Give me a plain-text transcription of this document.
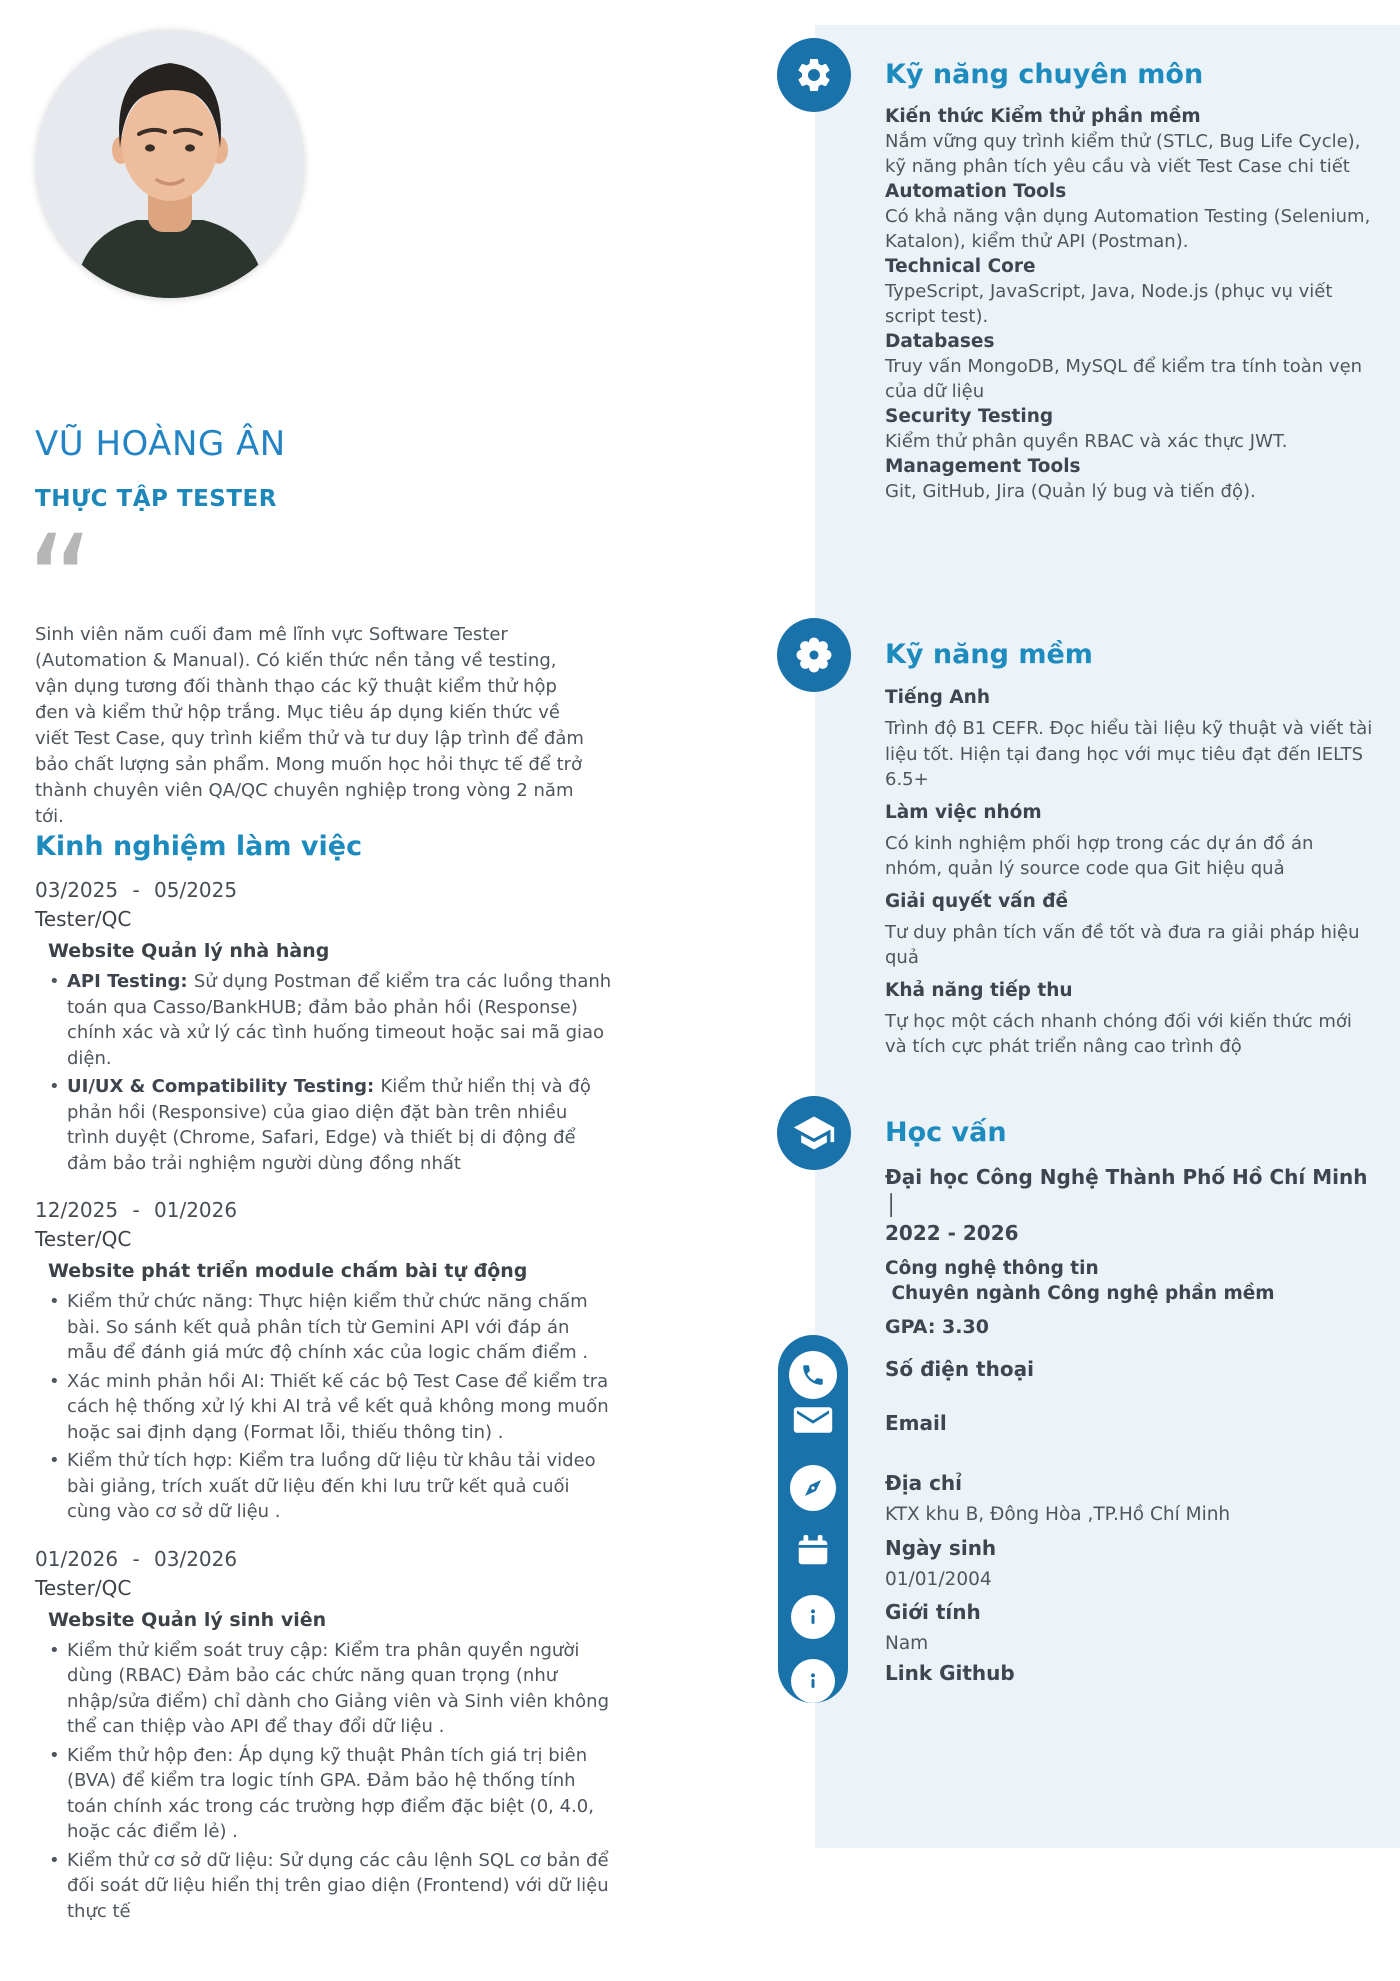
VŨ HOÀNG ÂN
THỰC TẬP TESTER
“
Sinh viên năm cuối đam mê lĩnh vực Software Tester (Automation & Manual). Có kiến thức nền tảng về testing, vận dụng tương đối thành thạo các kỹ thuật kiểm thử hộp đen và kiểm thử hộp trắng. Mục tiêu áp dụng kiến thức về viết Test Case, quy trình kiểm thử và tư duy lập trình để đảm bảo chất lượng sản phẩm. Mong muốn học hỏi thực tế để trở thành chuyên viên QA/QC chuyên nghiệp trong vòng 2 năm tới.
Kinh nghiệm làm việc
03/2025 - 05/2025
Tester/QC
Website Quản lý nhà hàng
• API Testing: Sử dụng Postman để kiểm tra các luồng thanh toán qua Casso/BankHUB; đảm bảo phản hồi (Response) chính xác và xử lý các tình huống timeout hoặc sai mã giao diện.
• UI/UX & Compatibility Testing: Kiểm thử hiển thị và độ phản hồi (Responsive) của giao diện đặt bàn trên nhiều trình duyệt (Chrome, Safari, Edge) và thiết bị di động để đảm bảo trải nghiệm người dùng đồng nhất
12/2025 - 01/2026
Tester/QC
Website phát triển module chấm bài tự động
• Kiểm thử chức năng: Thực hiện kiểm thử chức năng chấm bài. So sánh kết quả phân tích từ Gemini API với đáp án mẫu để đánh giá mức độ chính xác của logic chấm điểm .
• Xác minh phản hồi AI: Thiết kế các bộ Test Case để kiểm tra cách hệ thống xử lý khi AI trả về kết quả không mong muốn hoặc sai định dạng (Format lỗi, thiếu thông tin) .
• Kiểm thử tích hợp: Kiểm tra luồng dữ liệu từ khâu tải video bài giảng, trích xuất dữ liệu đến khi lưu trữ kết quả cuối cùng vào cơ sở dữ liệu .
01/2026 - 03/2026
Tester/QC
Website Quản lý sinh viên
• Kiểm thử kiểm soát truy cập: Kiểm tra phân quyền người dùng (RBAC) Đảm bảo các chức năng quan trọng (như nhập/sửa điểm) chỉ dành cho Giảng viên và Sinh viên không thể can thiệp vào API để thay đổi dữ liệu .
• Kiểm thử hộp đen: Áp dụng kỹ thuật Phân tích giá trị biên (BVA) để kiểm tra logic tính GPA. Đảm bảo hệ thống tính toán chính xác trong các trường hợp điểm đặc biệt (0, 4.0, hoặc các điểm lẻ) .
• Kiểm thử cơ sở dữ liệu: Sử dụng các câu lệnh SQL cơ bản để đối soát dữ liệu hiển thị trên giao diện (Frontend) với dữ liệu thực tế
Kỹ năng chuyên môn
Kiến thức Kiểm thử phần mềm
Nắm vững quy trình kiểm thử (STLC, Bug Life Cycle), kỹ năng phân tích yêu cầu và viết Test Case chi tiết
Automation Tools
Có khả năng vận dụng Automation Testing (Selenium, Katalon), kiểm thử API (Postman).
Technical Core
TypeScript, JavaScript, Java, Node.js (phục vụ viết script test).
Databases
Truy vấn MongoDB, MySQL để kiểm tra tính toàn vẹn của dữ liệu
Security Testing
Kiểm thử phân quyền RBAC và xác thực JWT.
Management Tools
Git, GitHub, Jira (Quản lý bug và tiến độ).
Kỹ năng mềm
Tiếng Anh
Trình độ B1 CEFR. Đọc hiểu tài liệu kỹ thuật và viết tài liệu tốt. Hiện tại đang học với mục tiêu đạt đến IELTS 6.5+
Làm việc nhóm
Có kinh nghiệm phối hợp trong các dự án đồ án nhóm, quản lý source code qua Git hiệu quả
Giải quyết vấn đề
Tư duy phân tích vấn đề tốt và đưa ra giải pháp hiệu quả
Khả năng tiếp thu
Tự học một cách nhanh chóng đối với kiến thức mới và tích cực phát triển nâng cao trình độ
Học vấn
Đại học Công Nghệ Thành Phố Hồ Chí Minh │
2022 - 2026
Công nghệ thông tin
Chuyên ngành Công nghệ phần mềm
GPA: 3.30
Số điện thoại
Email
Địa chỉ
KTX khu B, Đông Hòa ,TP.Hồ Chí Minh
Ngày sinh
01/01/2004
Giới tính
Nam
Link Github
